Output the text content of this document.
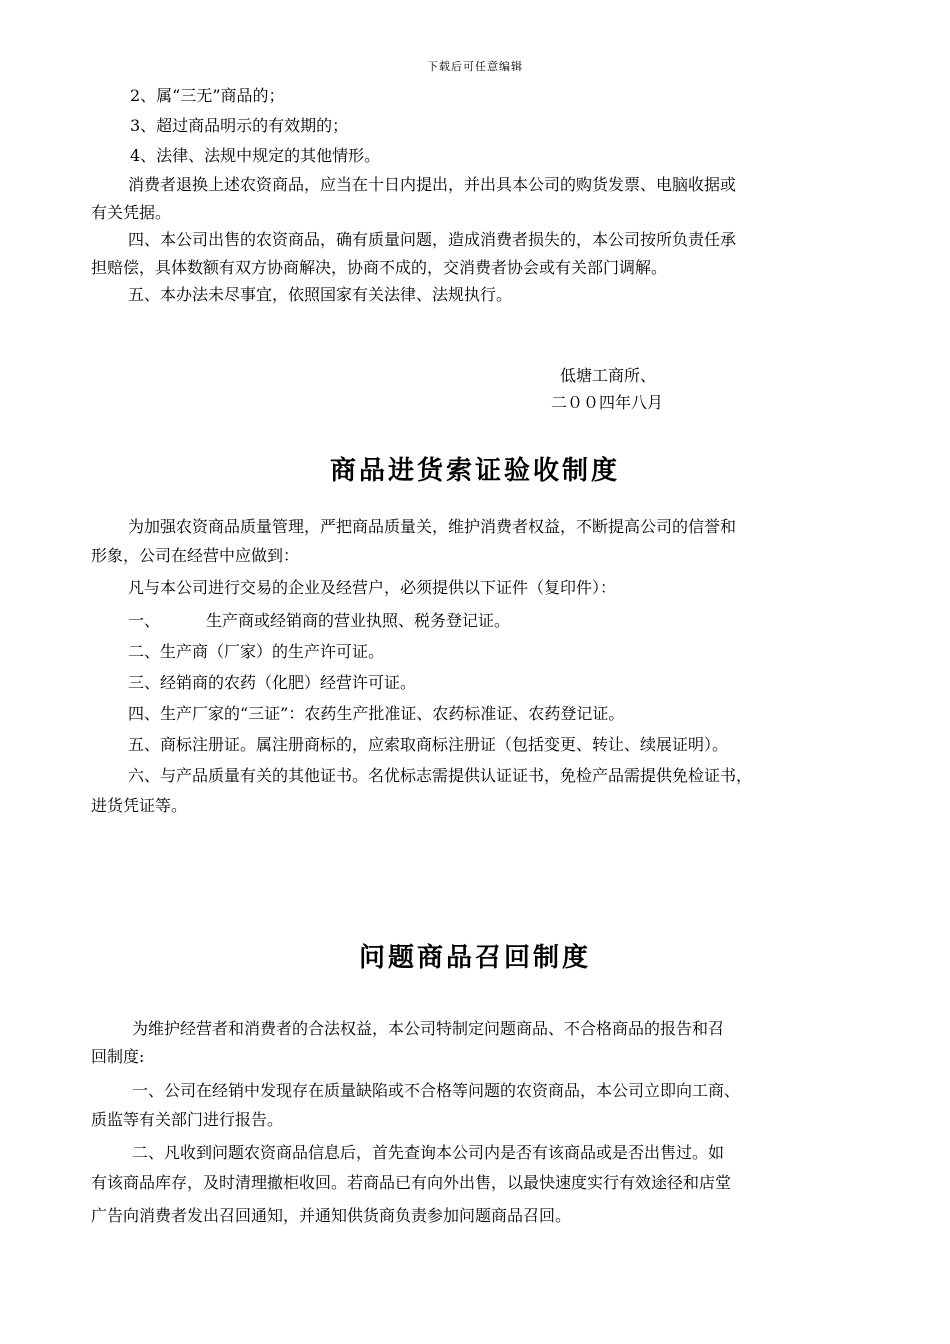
下载后可任意编辑
2、属“三无”商品的；
3、超过商品明示的有效期的；
4、法律、法规中规定的其他情形。
消费者退换上述农资商品，应当在十日内提出，并出具本公司的购货发票、电脑收据或
有关凭据。
四、本公司出售的农资商品，确有质量问题，造成消费者损失的，本公司按所负责任承
担赔偿，具体数额有双方协商解决，协商不成的，交消费者协会或有关部门调解。
五、本办法未尽事宜，依照国家有关法律、法规执行。
低塘工商所、
二００四年八月
商品进货索证验收制度
为加强农资商品质量管理，严把商品质量关，维护消费者权益，不断提高公司的信誉和
形象，公司在经营中应做到：
凡与本公司进行交易的企业及经营户，必须提供以下证件（复印件）：
一、	生产商或经销商的营业执照、税务登记证。
二、生产商（厂家）的生产许可证。
三、经销商的农药（化肥）经营许可证。
四、生产厂家的“三证”：农药生产批准证、农药标准证、农药登记证。
五、商标注册证。属注册商标的，应索取商标注册证（包括变更、转让、续展证明）。
六、与产品质量有关的其他证书。名优标志需提供认证证书，免检产品需提供免检证书，
进货凭证等。
问题商品召回制度
为维护经营者和消费者的合法权益，本公司特制定问题商品、不合格商品的报告和召
回制度:
一、公司在经销中发现存在质量缺陷或不合格等问题的农资商品，本公司立即向工商、
质监等有关部门进行报告。
二、凡收到问题农资商品信息后，首先查询本公司内是否有该商品或是否出售过。如
有该商品库存，及时清理撤柜收回。若商品已有向外出售，以最快速度实行有效途径和店堂
广告向消费者发出召回通知，并通知供货商负责参加问题商品召回。
